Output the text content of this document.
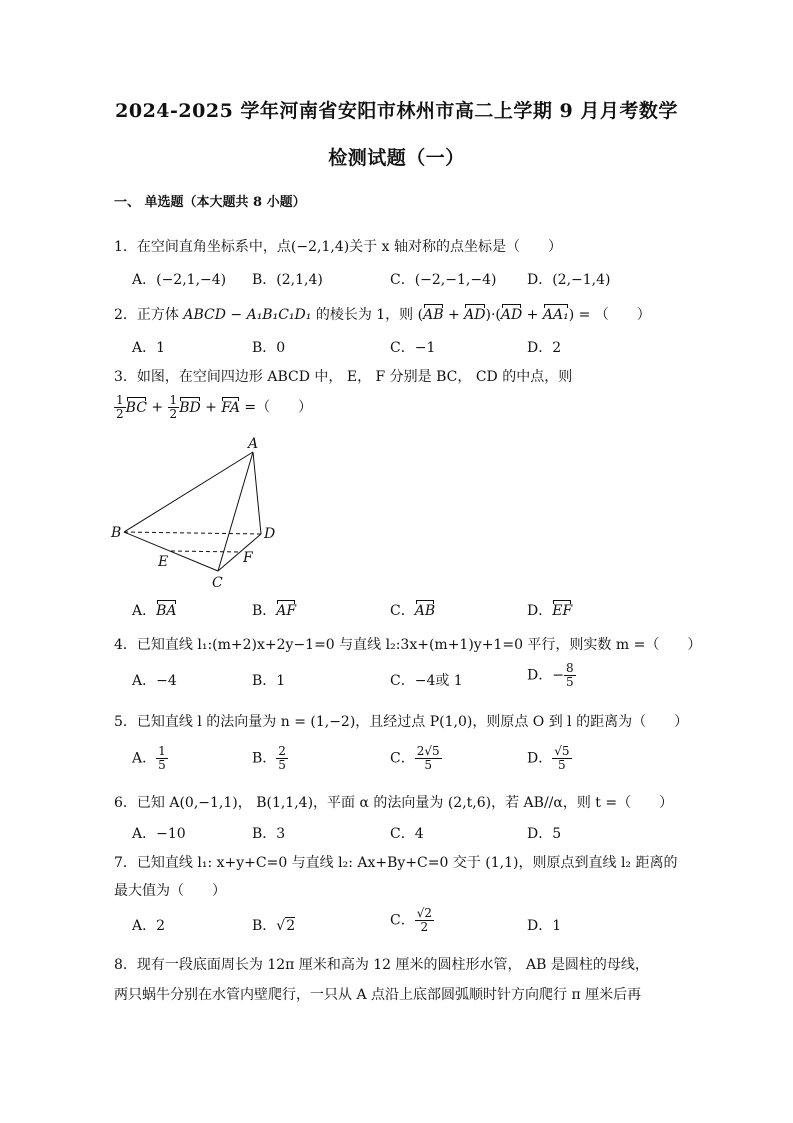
2024-2025 学年河南省安阳市林州市高二上学期 9 月月考数学
检测试题（一）
一、 单选题（本大题共 8 小题）
1．在空间直角坐标系中，点(−2,1,4)关于 x 轴对称的点坐标是（　　）
A．(−2,1,−4) B．(2,1,4)	C．(−2,−1,−4) D．(2,−1,4)
2．正方体 ABCD − A₁B₁C₁D₁ 的棱长为 1，则 (AB + AD)·(AD + AA₁) = （　　）
A．1	B．0	C．−1	D．2
3．如图，在空间四边形 ABCD 中， E， F 分别是 BC， CD 的中点，则
$\frac{1}{2}$ BC + $\frac{1}{2}$ BD + FA =（　　）
A
B
C
D
E	F
A．BA	B．AF	C．AB	D．EF
4．已知直线 l₁:(m+2)x+2y−1=0 与直线 l₂:3x+(m+1)y+1=0 平行，则实数 m =（　　）
A．−4	B．1	C．−4或 1	D．− $\frac{8}{5}$
5．已知直线 l 的法向量为 n = (1,−2)，且经过点 P(1,0)，则原点 O 到 l 的距离为（　　）
A． $\frac{1}{5}$	B． $\frac{2}{5}$	C． $\frac{2√5}{5}$	D． $\frac{√5}{5}$
6．已知 A(0,−1,1)， B(1,1,4)，平面 α 的法向量为 (2,t,6)，若 AB//α，则 t =（　　）
A．−10	B．3	C．4	D．5
7．已知直线 l₁: x+y+C=0 与直线 l₂: Ax+By+C=0 交于 (1,1)，则原点到直线 l₂ 距离的
最大值为（　　）
A．2	B．√2	C． $\frac{√2}{2}$	D．1
8．现有一段底面周长为 12π 厘米和高为 12 厘米的圆柱形水管， AB 是圆柱的母线，
两只蜗牛分别在水管内壁爬行，一只从 A 点沿上底部圆弧顺时针方向爬行 π 厘米后再
